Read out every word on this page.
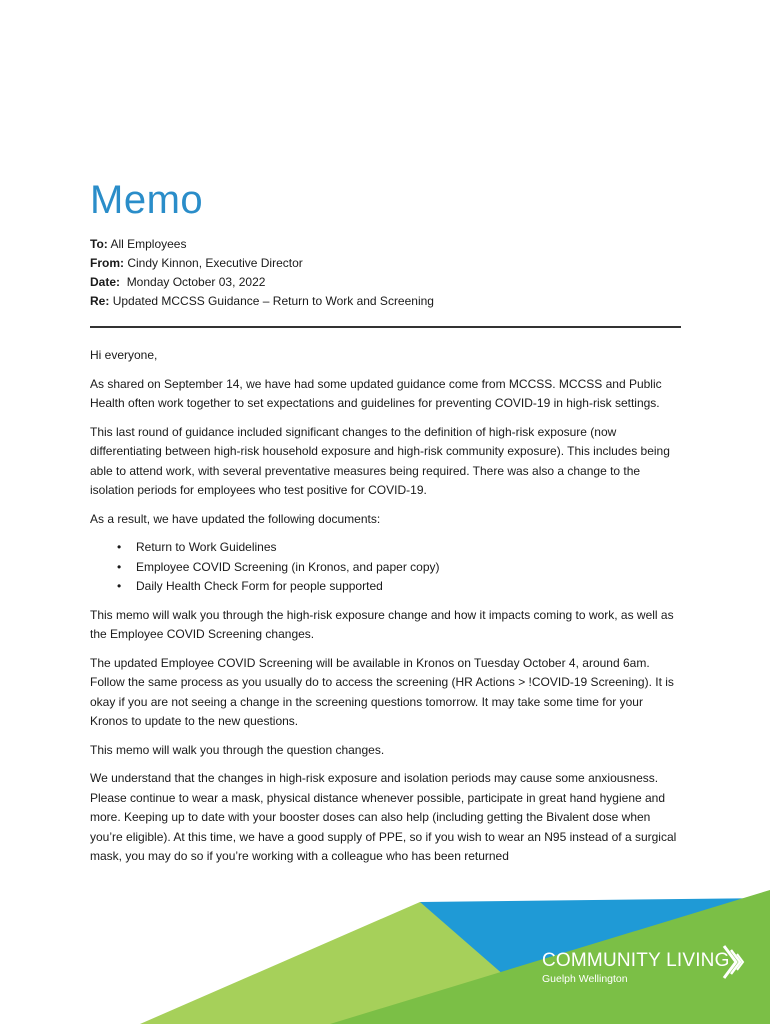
Memo
To: All Employees
From: Cindy Kinnon, Executive Director
Date: Monday October 03, 2022
Re: Updated MCCSS Guidance – Return to Work and Screening

Hi everyone,

As shared on September 14, we have had some updated guidance come from MCCSS. MCCSS and Public Health often work together to set expectations and guidelines for preventing COVID-19 in high-risk settings.

This last round of guidance included significant changes to the definition of high-risk exposure (now differentiating between high-risk household exposure and high-risk community exposure). This includes being able to attend work, with several preventative measures being required. There was also a change to the isolation periods for employees who test positive for COVID-19.

As a result, we have updated the following documents:

• Return to Work Guidelines
• Employee COVID Screening (in Kronos, and paper copy)
• Daily Health Check Form for people supported

This memo will walk you through the high-risk exposure change and how it impacts coming to work, as well as the Employee COVID Screening changes.

The updated Employee COVID Screening will be available in Kronos on Tuesday October 4, around 6am. Follow the same process as you usually do to access the screening (HR Actions > !COVID-19 Screening). It is okay if you are not seeing a change in the screening questions tomorrow. It may take some time for your Kronos to update to the new questions.

This memo will walk you through the question changes.

We understand that the changes in high-risk exposure and isolation periods may cause some anxiousness. Please continue to wear a mask, physical distance whenever possible, participate in great hand hygiene and more. Keeping up to date with your booster doses can also help (including getting the Bivalent dose when you’re eligible). At this time, we have a good supply of PPE, so if you wish to wear an N95 instead of a surgical mask, you may do so if you’re working with a colleague who has been returned

COMMUNITY LIVING
Guelph Wellington
